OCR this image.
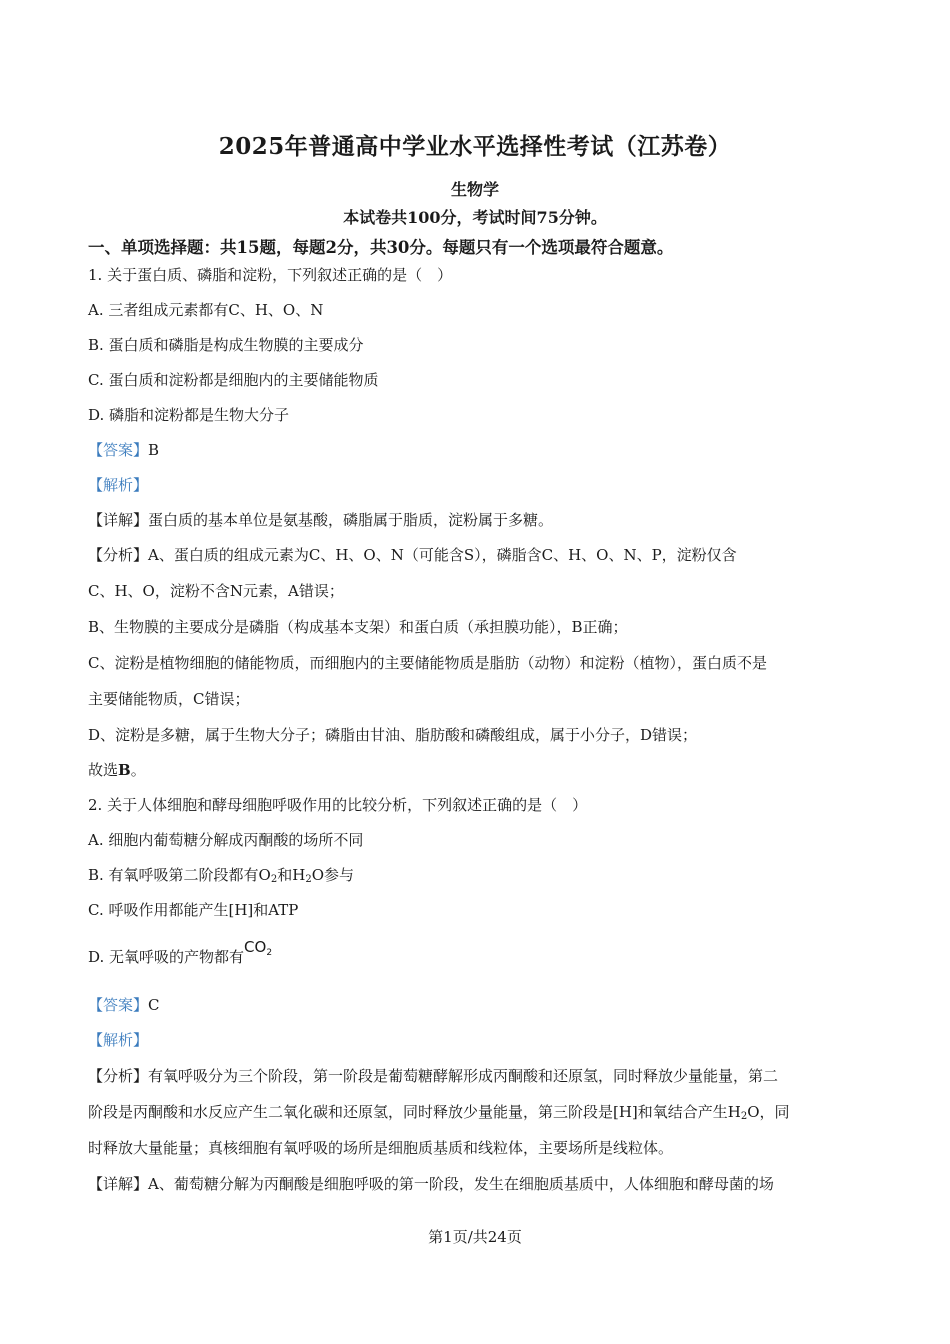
2025年普通高中学业水平选择性考试（江苏卷）
生物学
本试卷共100分，考试时间75分钟。
一、单项选择题：共15题，每题2分，共30分。每题只有一个选项最符合题意。
1. 关于蛋白质、磷脂和淀粉，下列叙述正确的是（　）
A. 三者组成元素都有C、H、O、N
B. 蛋白质和磷脂是构成生物膜的主要成分
C. 蛋白质和淀粉都是细胞内的主要储能物质
D. 磷脂和淀粉都是生物大分子
【答案】B
【解析】
【详解】蛋白质的基本单位是氨基酸，磷脂属于脂质，淀粉属于多糖。
【分析】A、蛋白质的组成元素为C、H、O、N（可能含S），磷脂含C、H、O、N、P，淀粉仅含
C、H、O，淀粉不含N元素，A错误；
B、生物膜的主要成分是磷脂（构成基本支架）和蛋白质（承担膜功能），B正确；
C、淀粉是植物细胞的储能物质，而细胞内的主要储能物质是脂肪（动物）和淀粉（植物），蛋白质不是
主要储能物质，C错误；
D、淀粉是多糖，属于生物大分子；磷脂由甘油、脂肪酸和磷酸组成，属于小分子，D错误；
故选B。
2. 关于人体细胞和酵母细胞呼吸作用的比较分析，下列叙述正确的是（　）
A. 细胞内葡萄糖分解成丙酮酸的场所不同
B. 有氧呼吸第二阶段都有$O_2$和$H_2O$参与
C. 呼吸作用都能产生[H]和ATP
D. 无氧呼吸的产物都有$CO_2$
【答案】C
【解析】
【分析】有氧呼吸分为三个阶段，第一阶段是葡萄糖酵解形成丙酮酸和还原氢，同时释放少量能量，第二
阶段是丙酮酸和水反应产生二氧化碳和还原氢，同时释放少量能量，第三阶段是[H]和氧结合产生$H_2O$，同
时释放大量能量；真核细胞有氧呼吸的场所是细胞质基质和线粒体，主要场所是线粒体。
【详解】A、葡萄糖分解为丙酮酸是细胞呼吸的第一阶段，发生在细胞质基质中，人体细胞和酵母菌的场
第1页/共24页
